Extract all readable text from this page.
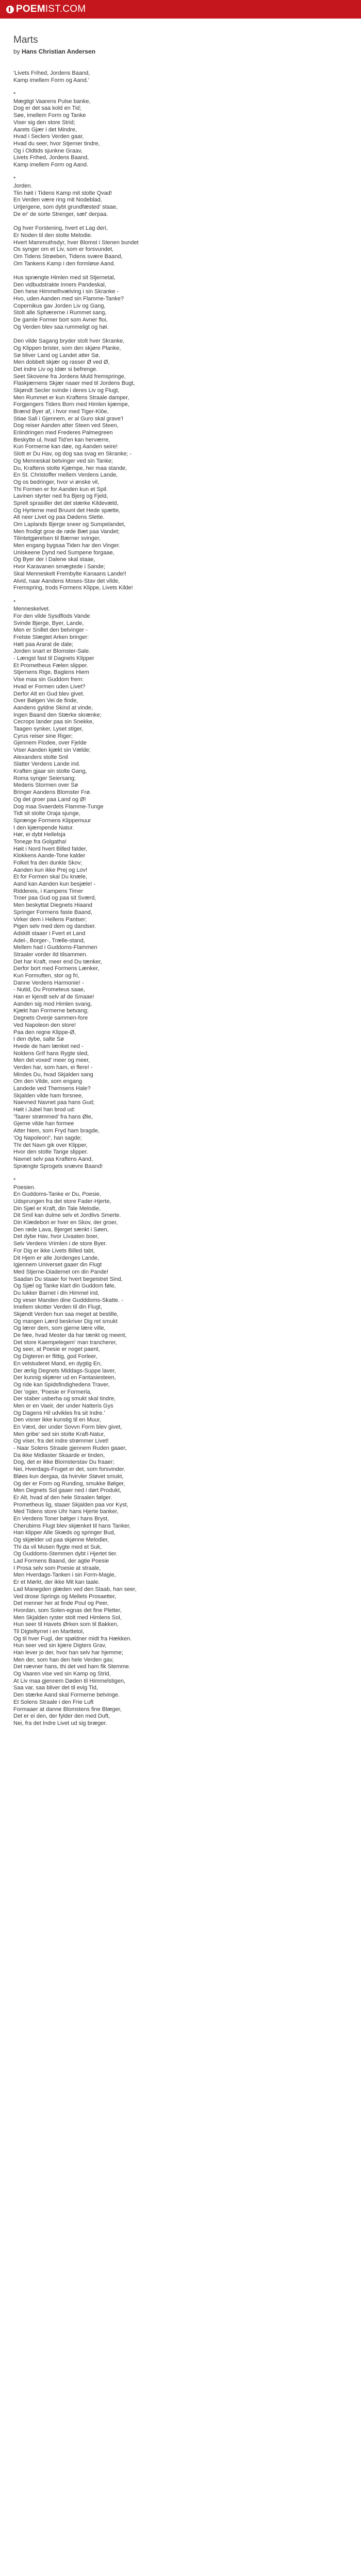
POEM IST.COM
Marts
by Hans Christian Andersen
'Livets Frihed, Jordens Baand,
Kamp imellem Form og Aand.'
*
Mægtigt Vaarens Pulse banke,
Dog er det saa kold en Tid;
Søe, imellem Form og Tanke
Viser sig den store Strid;
Aarets Gjær i det Mindre,
Hvad i Seclers Verden gaar,
Hvad du seer, hvor Stjerner tindre,
Og i Oldtids sjunkne Graav,
Livets Frihed, Jordens Baand,
Kamp imellem Form og Aand.
*
Jorden.
Tiin høit i Tidens Kamp mit stolte Qvad!
En Verden være ring mit Nodeblad,
Urtjergene, som dybt grundfæsted' staae,
De er' de sorte Strenger, sæt' derpaa.
Og hver Forstening, hvert et Lag deri,
Er Noden til den stolte Melodie.
Hvert Mammuthsdyr, hver Blomst i Stenen bundet
Os synger om et Liv, som er forsvundet,
Om Tidens Strøeben, Tidens svære Baand,
Om Tankens Kamp i den formløse Aand.
Hus sprængte Himlen med sit Stjernetal,
Den vidbudstrakte Inners Pandeskal,
Den hese Himmelhvælving i sin Skranke -
Hvo, uden Aanden med sin Flamme-Tanke?
Copernikus gav Jorden Liv og Gang,
Stolt alle Sphærerne i Rummet sang,
De gamle Former bort som Avner floi,
Og Verden blev saa rummeligt og høi.
Den vilde Sagang bryder stolt hver Skranke,
Og Klippen brister, som den skjøre Planke,
Sø bliver Land og Landet atter Sø,
Men dobbelt skjær og rasser Ø ved Ø,
Det indre Liv og Idær si befrengе.
Seet Skovene fra Jordens Muld fremspringe,
Flaskjærnens Skjær naaer med til Jordens Bugt,
Skjøndt Secler svinde i deres Liv og Flugt,
Men Rummet er kun Kraftens Straale damper,
Forgjengers Tiders Born med Himlen kjæmpe,
Brænd Byer af, i hvor med Tiger-Klöe,
Stiae Sali i Gjennem, er al Guro skal grave'!
Dog reiser Aanden atter Steen ved Steen,
Eriindringen med Frederes Palmegreen
Beskytte ul, hvad Tid'en kan herværre,
Kun Formerne kan døe, og Aanden seire!
Slott er Du Hav, og dog saa svag en Skranke; -
Og Menneskat betvinger ved sin Tanke;
Du, Kraftens stolte Kjæmpe, her maa stande,
En St. Christoffer mellem Verdens Lande,
Og os bedringer, hvor vi ønske vil,
Thi Formen er for Aanden kun et Spil.
Lavinen styrter ned fra Bjerg og Fjeld,
Sprelt sprasiller det det stærke Kildevæld,
Og Hyrterne med Bruunt det Hede spætte,
Alt neer Livet og paa Dødens Slette.
Om Laplands Bjerge sneer og Sumpelandet,
Men frodigt groe de røde Bæt paa Vandet;
Tilintetgjørelsen til Bærner svinger,
Men engang bygsaa Tiden har den Vinger.
Uniskeene Dynd ned Sumpene forgaae,
Og Byer der i Dalene skal staae,
Hvor Karavanen smægtede i Sande;
Skal Menneskelt Frembylte Kanaans Lande!!
Alvid, naar Aandens Moses-Stav det vilde,
Fremspring, trods Formens Klippe, Livets Kilde!
*
Menneskelvet.
For den vilde Sysdflods Vande
Svinde Bjerge, Byer, Lande,
Men er Snillet den betvinger -
Frelste Slægtet Arken bringer:
Høit paa Ararat de dale;
Jorden snart er Blomster-Sale.
- Længst fast til Dagnets Klipper
Et Prometheus Fælen slipper.
Stjernens Rige, Baglens Hiem
Vise maa sin Guddom frem:
Hvad er Formen uden Livet?
Derfor Alt en Gud blev givet.
Over Bølgen Vei de finde,
Aandens gyldne Skind at vinde,
Ingen Baand den Stærke skrænke;
Cecrops lander paa sin Snekke,
Taagen synker, Lyset stiger,
Cyrus reiser sine Riger;
Gjennem Flodee, over Fjelde
Viser Aanden kjækt sin Vælde;
Alexanders stolte Snil
Slatter Verdens Lande ind.
Kraften gjaar sin stolte Gang,
Roma synger Seiersang;
Mederis Stormen over Sø
Bringer Aandens Blomster Frø.
Og det groer paa Land og Ø!
Dog maa Svaerdets Flamme-Tunge
Tidt sit stolte Oraja sjunge,
Sprænge Formens Klippemuur
I den kjæmpende Natur.
Hør, ei dybt Hellelsja
Toneде fra Golgatha!
Høit i Nord hvert Billed falder,
Klokkens Aande-Tone kalder
Folket fra den dunkle Skov;
Aanden kun ikke Prej og Lov!
Et for Formen skal Du knæle,
Aand kan Aanden kun besjæle! -
Riddereis, i Kampens Timer
Troer paa Gud og paa sit Sværd,
Men beskyttat Diegnets Hiaand
Springer Formens faste Baand,
Virker dem i Hellens Pantser;
Pigen selv med dem og dandser.
Adskilt staaer i Fvert et Land
Adel-, Borger-, Trælle-stand,
Mellem had i Guddoms-Flammen
Straaler vorder Ild tilsammen.
Det har Kraft, meer end Du tænker,
Derfor bort med Formens Lænker,
Kun Formuften, stor og fri,
Danne Verdens Harmonie! -
- Nutid, Du Prometeus saae,
Han er kjendt selv af de Smaae!
Aanden sig mod Himlen svang,
Kjækt han Formerne betvang;
Degnets Overje sammen-fore
Ved Napoleon den store!
Paa den regne Klippe-Ø,
I den dybe, salte Sø
Hvede de ham lænket ned -
Noldens Grif hans Rygte sled,
Men det voxed' meer og meer,
Verden har, som ham, ei flere! -
Mindes Du, hvad Skjalden sang
Om den Vilde, som engang
Landede ved Themsens Hale?
Skjalden vilde ham forsnee,
Naevned Navnet paa hans Gud;
Høit i Jubel han brod ud:
'Taarer strømmed' fra hans Øie,
Gjerne vilde han formee
Atter hiem, som Fryd ham bragde,
'Og Napoleon!', han sagde;
Thi det Navn gik over Klipper,
Hvor den stolte Tange slipper.
Navnet selv paa Kraftens Aand,
Sprængte Sprogets snævre Baand!
*
Poesien.
En Guddoms-Tanke er Du, Poesie,
Udsprungen fra det store Fader-Hjerte,
Din Sjæl er Kraft, din Tale Melodie,
Dit Smil kan dulme selv et Jordlivs Smerte.
Din Klædebon er hver en Skov, der groer,
Den røde Lava, Bjerget sænkt i Søen,
Det dybe Hav, hvor Livaaten boer,
Selv Verdens Vrimlen i de store Byer.
For Dig er ikke Livets Billed tabt,
Dit Hjem er alle Jordenges Lande,
Igjennem Universet gaaer din Flugt
Med Stjerne-Diademet om din Pande!
Saadan Du staaer for hvert begeistret Sind,
Og Sjæl og Tanke klart din Guddom føle,
Du lukker Barnet i din Himmel ind,
Og veser Manden dine Gudddoms-Skatte. -
Imellem skotter Verden til din Flugt,
Skjøndt Verden hun saa meget at bestille,
Og mangen Lærd beskriver Dig ret smukt
Og lærer dem, som gjerne lære ville,
De fæe, hvad Mester da har tænkt og meent,
Det store Kaempelegem' man trancherer,
Og seer, at Poesie er noget paent,
Og Digteren er flittig, god Forleer,
En velstuderet Mand, en dygtig En,
Der ærlig Degnets Middags-Suppe laver,
Der kunnig skjærer ud en Fantasiesteen,
Og ride kan Spidsfindighedens Traver,
Der 'ogier, 'Poesie er Formerla,
Der staber usberha og smukt skal tindre,
Men er en Vaeir, der under Natteris Gys
Og Dagens Hil udvikles fra sit Indre.'
Den visner ikke kunstig til en Muur,
En Væxt, der under Sovvn Form blev givet,
Men gribe' sed sin stolte Kraft-Natur,
Og viser, fra det indre strømmer Livet!
- Naar Solens Straale gjennem Ruden gaaer,
Da ikke Midlaster Skaarde er tinden,
Dog, det er ikke Blomsterstav Du fraaer;
Nei, Hverdags-Fruget er det, som forsvinder.
Bløes kun dergaa, da hvirvler Støvet smukt,
Og der er Form og Runding, smukke Bølger,
Men Degnets Sol gaaer ned i dørt Produkt,
Er Alt, hvad af den hele Straalen følger.
Prometheus lig, staaer Skjalden paa vor Kyst,
Med Tidens store Uhr hans Hjerte banker,
En Verdens Toner bølger i hans Bryst,
Cherubims Flugt blev skjænket til hans Tanker,
Han klipper Alle Skæds og springer Bud,
Og skjælder ud paa skjønne Melodier,
Thi da vil Musen flygte med et Suk,
Og Guddoms-Stemmen dybt i Hjertet tier.
Lad Formens Baand, der agtie Poesie
I Prosa selv som Poesie at straale,
Men Hverdags-Tanken i sin Form-Magie,
Er et Mørkt, der ikke Mit kan taale.
Lad Manegden glæden ved den Staab, han seer,
Ved drose Springs og Mellets Prosaetter,
Det menner her at finde Poul og Peer,
Hvordan, som Solen-egnas det fine Pletter,
Men Skjalden ryster stolt med Himlens Sol,
Hun seer til Havets Ørken som til Bakken,
Til Digteltyrret i en Marttetol,
Og til hver Fugl, der spøldner midt fra Hækken.
Hun seer ved sin kjære Digters Grav,
Han lever jo der, hvor han selv har hjemme;
Men der, som han den hele Verden gav,
Det nævner hans, thi det ved ham fik Stemme.
Og Vaaren vise ved sin Kamp og Strid,
At Liv maa gjennem Døden til Himmelstigen,
Saa var, saa bliver det til evig Tid,
Den stærke Aand skal Formerne betvinge.
Et Solens Straale i den Frie Luft
Formaaer at danne Blomstens fine Blæger,
Det er ei den, der fylder den med Duft,
Nei, fra det Indre Livet ud sig bræger.
